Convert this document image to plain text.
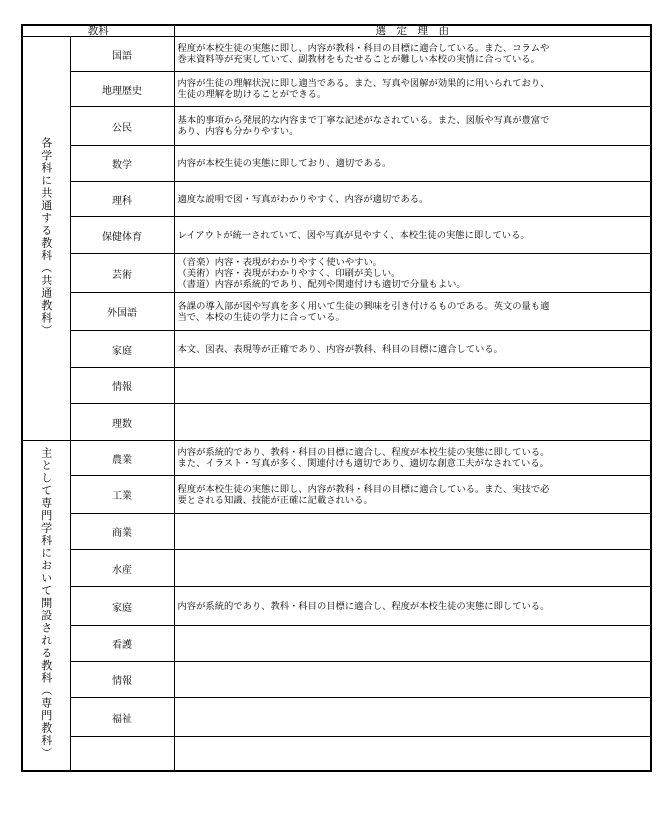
教科		選　定　理　由
各学科に共通する教科（共通教科）	国語	程度が本校生徒の実態に即し、内容が教科・科目の目標に適合している。また、コラムや
巻末資料等が充実していて、副教材をもたせることが難しい本校の実情に合っている。
	地理歴史	内容が生徒の理解状況に即し適当である。また、写真や図解が効果的に用いられており、
生徒の理解を助けることができる。
	公民	基本的事項から発展的な内容まで丁寧な記述がなされている。また、図版や写真が豊富で
あり、内容も分かりやすい。
	数学	内容が本校生徒の実態に即しており、適切である。
	理科	適度な説明で図・写真がわかりやすく、内容が適切である。
	保健体育	レイアウトが統一されていて、図や写真が見やすく、本校生徒の実態に即している。
	芸術	（音楽）内容・表現がわかりやすく使いやすい。
（美術）内容・表現がわかりやすく、印刷が美しい。
（書道）内容が系統的であり、配列や関連付けも適切で分量もよい。
	外国語	各課の導入部が図や写真を多く用いて生徒の興味を引き付けるものである。英文の量も適
当で、本校の生徒の学力に合っている。
	家庭	本文、図表、表現等が正確であり、内容が教科、科目の目標に適合している。
	情報	
	理数	
主として専門学科において開設される教科（専門教科）	農業	内容が系統的であり、教科・科目の目標に適合し、程度が本校生徒の実態に即している。
また、イラスト・写真が多く、関連付けも適切であり、適切な創意工夫がなされている。
	工業	程度が本校生徒の実態に即し、内容が教科・科目の目標に適合している。また、実技で必
要とされる知識、技能が正確に記載されいる。
	商業	
	水産	
	家庭	内容が系統的であり、教科・科目の目標に適合し、程度が本校生徒の実態に即している。
	看護	
	情報	
	福祉	
